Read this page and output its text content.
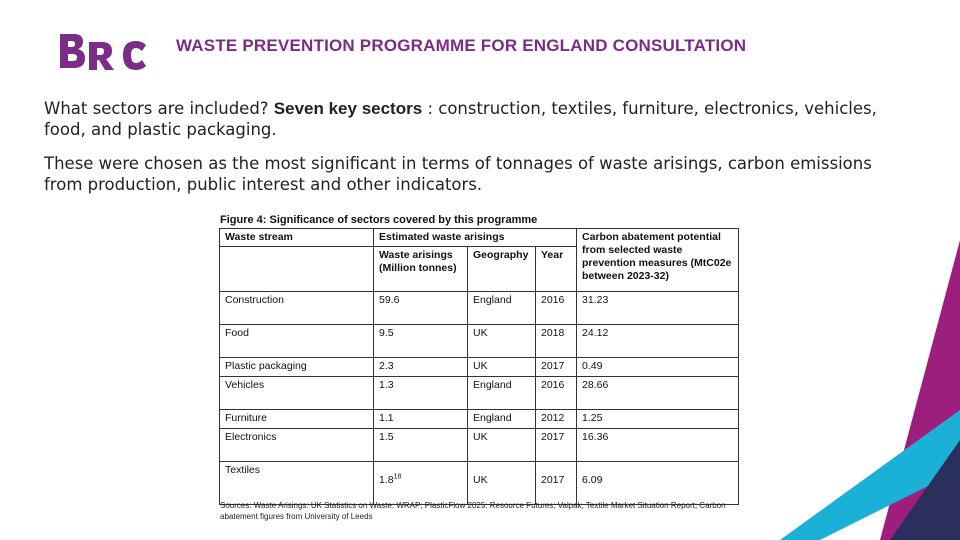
WASTE PREVENTION PROGRAMME FOR ENGLAND CONSULTATION
What sectors are included? Seven key sectors : construction, textiles, furniture, electronics, vehicles, food, and plastic packaging.
These were chosen as the most significant in terms of tonnages of waste arisings, carbon emissions from production, public interest and other indicators.
Figure 4: Significance of sectors covered by this programme
Waste stream	Estimated waste arisings			Carbon abatement potential from selected waste prevention measures (MtC02e between 2023-32)
	Waste arisings (Million tonnes)	Geography	Year	
Construction	59.6	England	2016	31.23
Food	9.5	UK	2018	24.12
Plastic packaging	2.3	UK	2017	0.49
Vehicles	1.3	England	2016	28.66
Furniture	1.1	England	2012	1.25
Electronics	1.5	UK	2017	16.36
Textiles	$1.8^{18}$	UK	2017	6.09
Sources: Waste Arisings: UK Statistics on Waste: WRAP; PlasticFlow 2025: Resource Futures; Valpak, Textile Market Situation Report; Carbon abatement figures from University of Leeds
